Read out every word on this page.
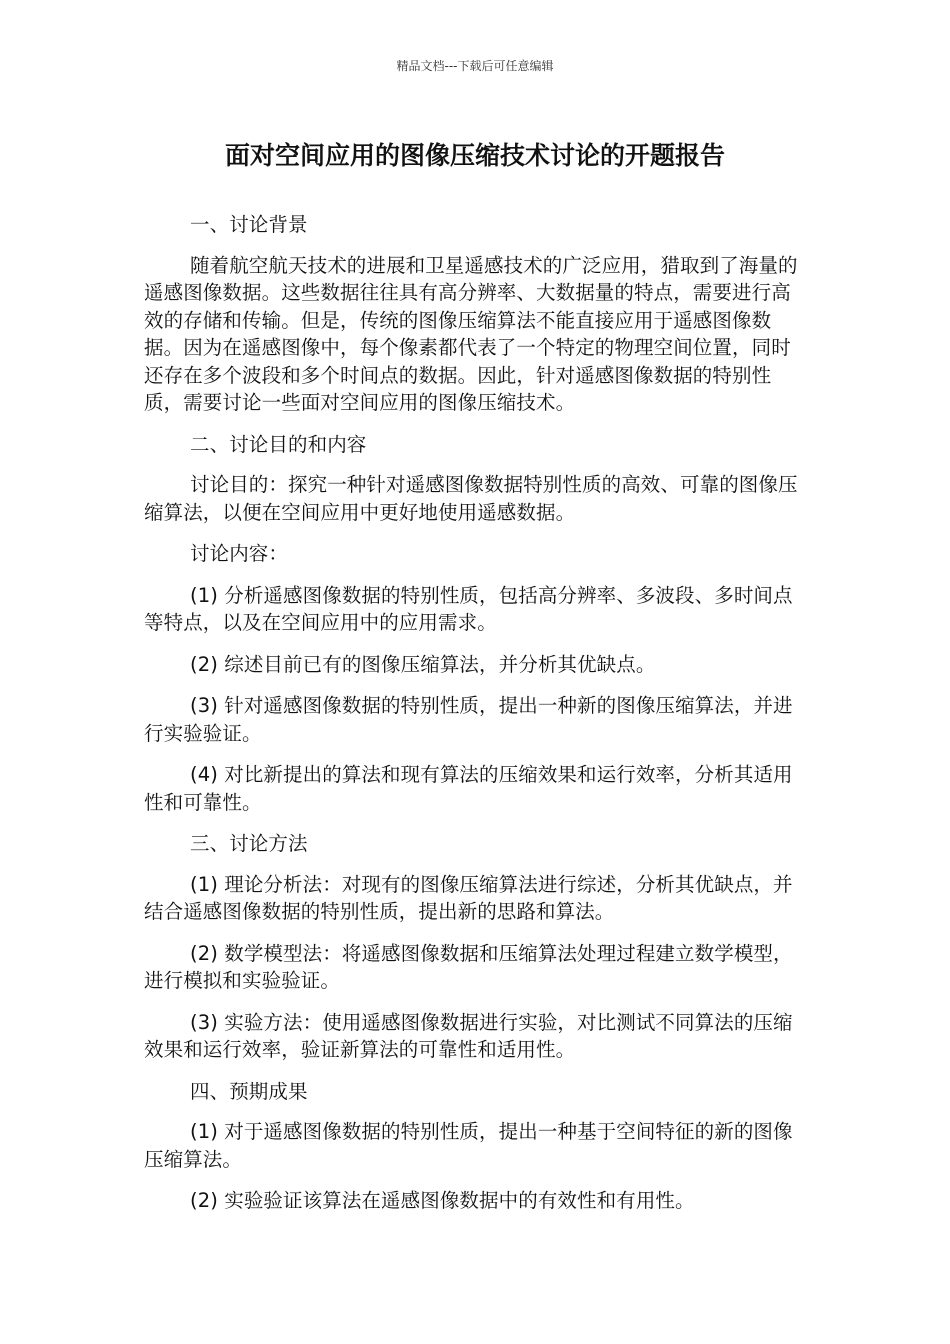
精品文档---下载后可任意编辑
面对空间应用的图像压缩技术讨论的开题报告

一、讨论背景

随着航空航天技术的进展和卫星遥感技术的广泛应用，猎取到了海量的遥感图像数据。这些数据往往具有高分辨率、大数据量的特点，需要进行高效的存储和传输。但是，传统的图像压缩算法不能直接应用于遥感图像数据。因为在遥感图像中，每个像素都代表了一个特定的物理空间位置，同时还存在多个波段和多个时间点的数据。因此，针对遥感图像数据的特别性质，需要讨论一些面对空间应用的图像压缩技术。

二、讨论目的和内容

讨论目的：探究一种针对遥感图像数据特别性质的高效、可靠的图像压缩算法，以便在空间应用中更好地使用遥感数据。

讨论内容：

(1) 分析遥感图像数据的特别性质，包括高分辨率、多波段、多时间点等特点，以及在空间应用中的应用需求。

(2) 综述目前已有的图像压缩算法，并分析其优缺点。

(3) 针对遥感图像数据的特别性质，提出一种新的图像压缩算法，并进行实验验证。

(4) 对比新提出的算法和现有算法的压缩效果和运行效率，分析其适用性和可靠性。

三、讨论方法

(1) 理论分析法：对现有的图像压缩算法进行综述，分析其优缺点，并结合遥感图像数据的特别性质，提出新的思路和算法。

(2) 数学模型法：将遥感图像数据和压缩算法处理过程建立数学模型，进行模拟和实验验证。

(3) 实验方法：使用遥感图像数据进行实验，对比测试不同算法的压缩效果和运行效率，验证新算法的可靠性和适用性。

四、预期成果

(1) 对于遥感图像数据的特别性质，提出一种基于空间特征的新的图像压缩算法。

(2) 实验验证该算法在遥感图像数据中的有效性和有用性。
